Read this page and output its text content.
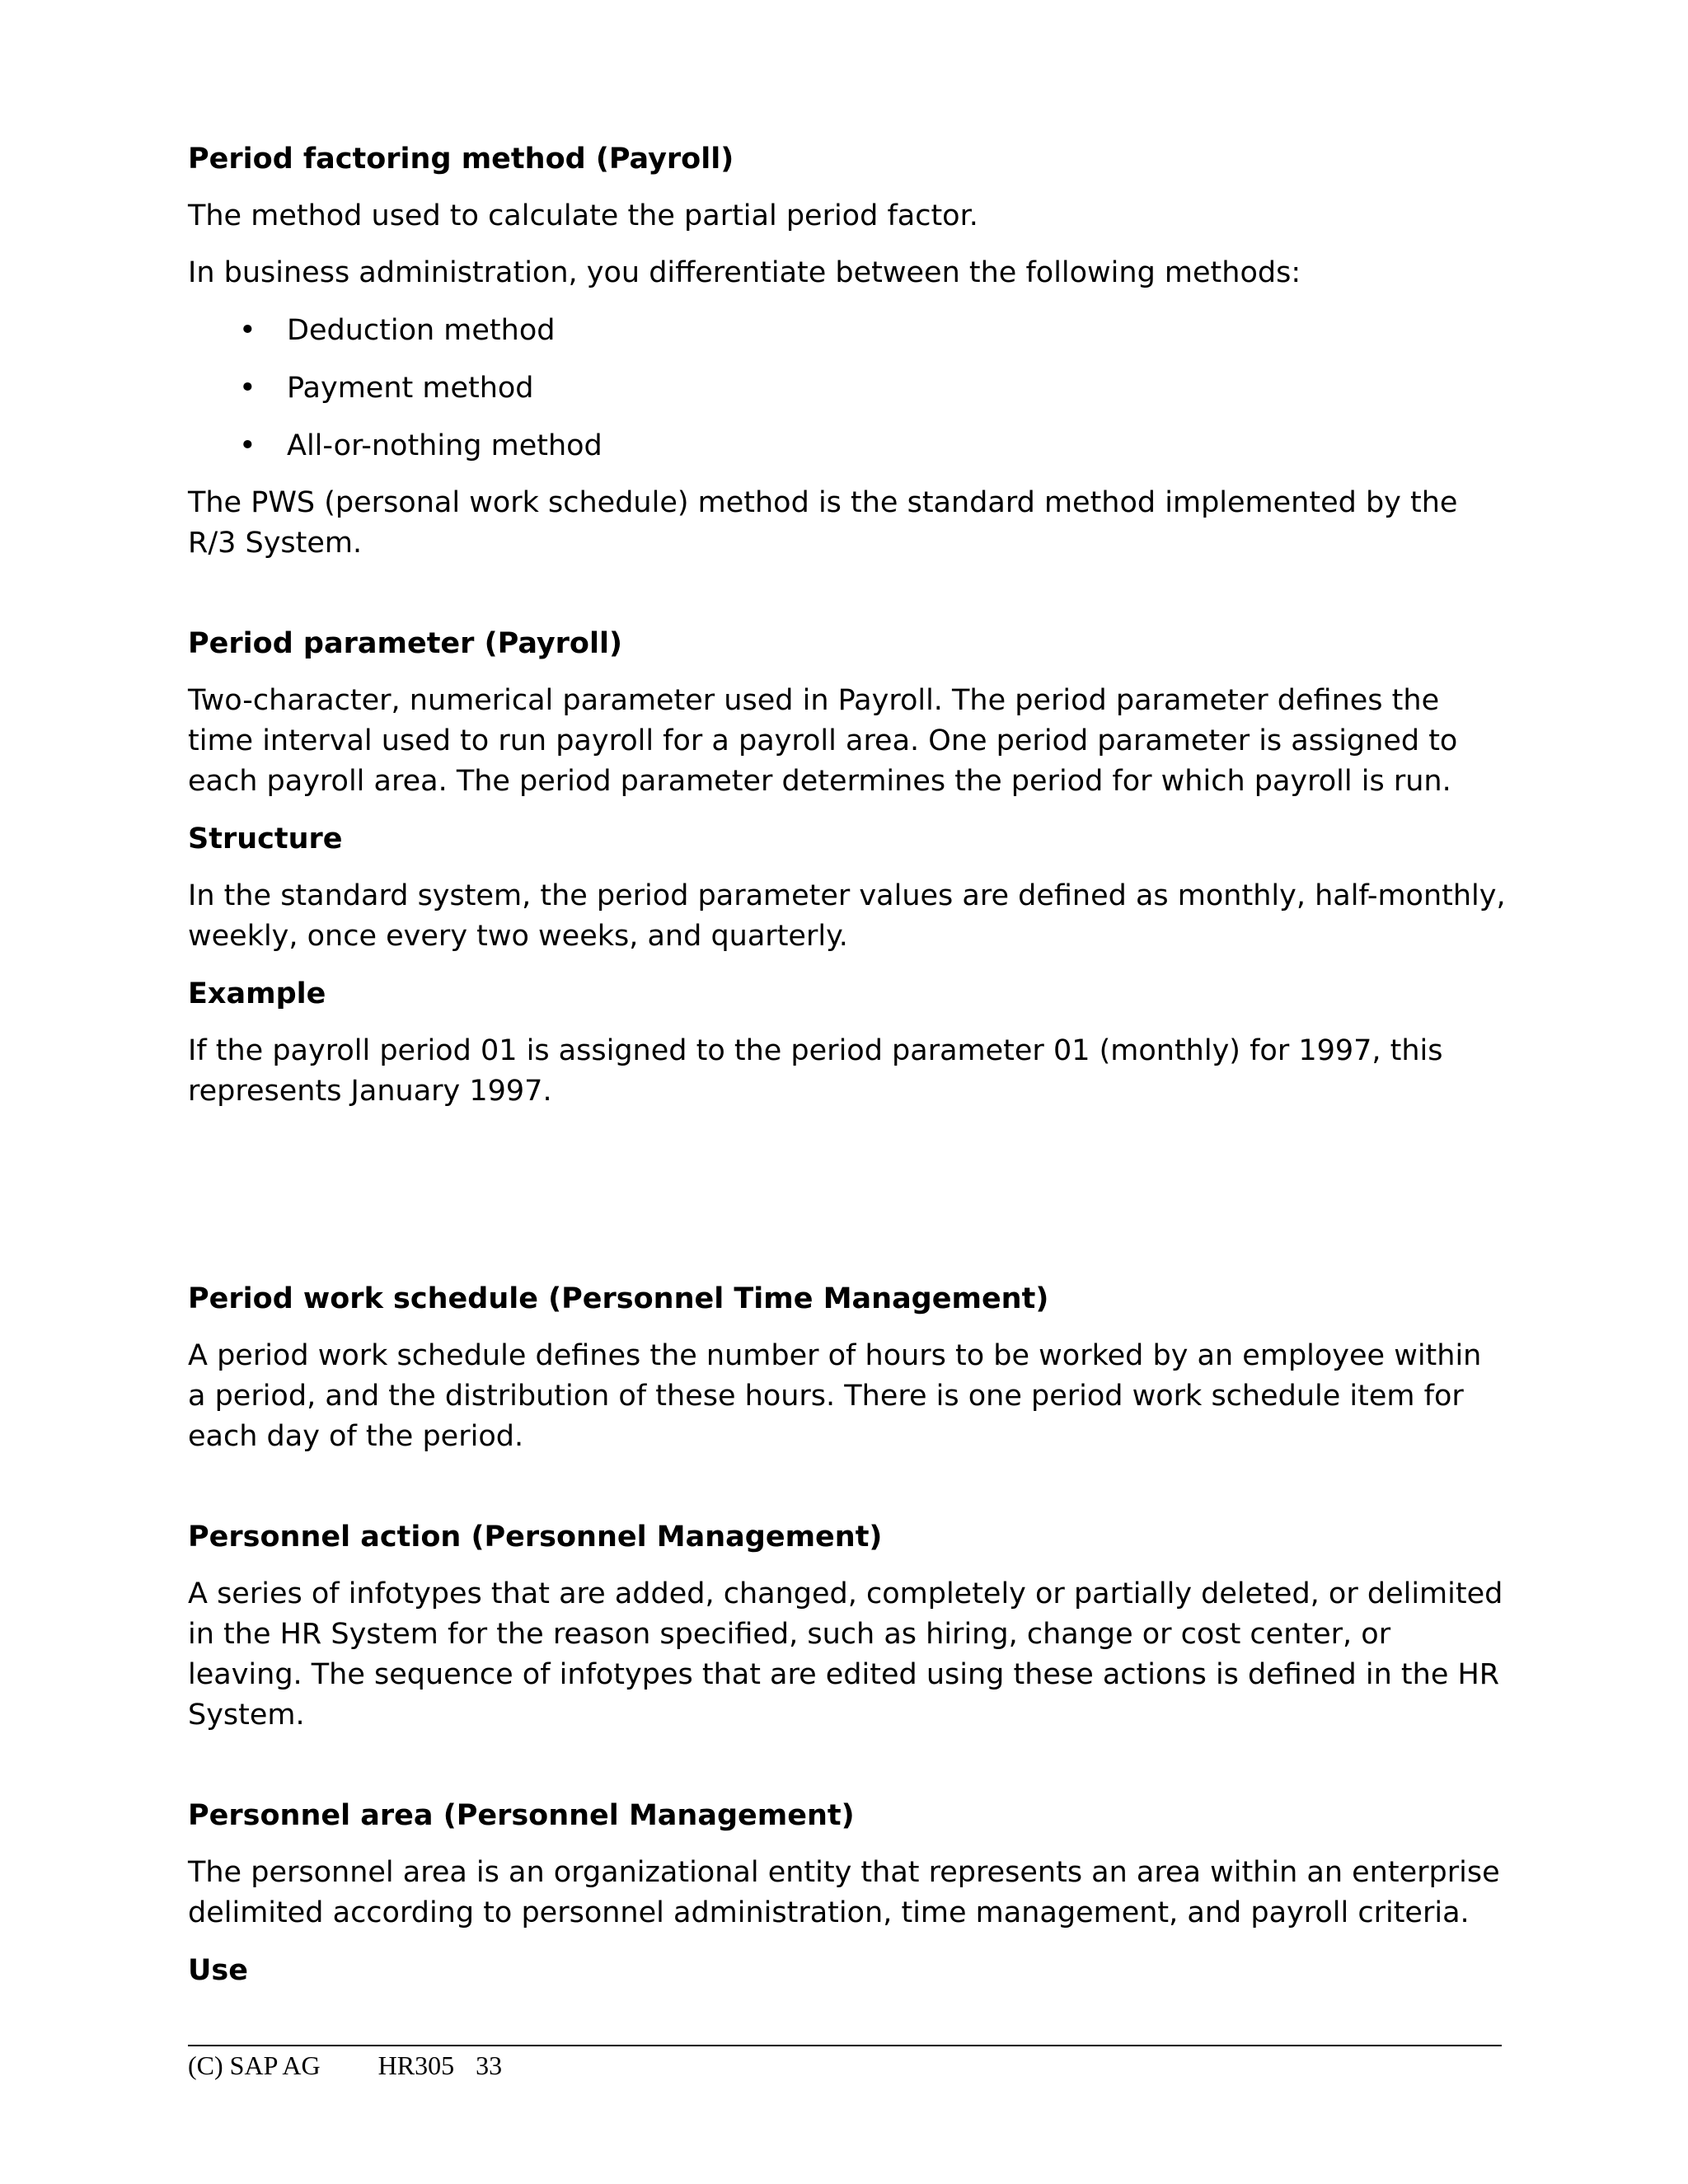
Period factoring method (Payroll)

The method used to calculate the partial period factor.

In business administration, you differentiate between the following methods:

• Deduction method
• Payment method
• All-or-nothing method

The PWS (personal work schedule) method is the standard method implemented by the R/3 System.

Period parameter (Payroll)

Two-character, numerical parameter used in Payroll. The period parameter defines the time interval used to run payroll for a payroll area. One period parameter is assigned to each payroll area. The period parameter determines the period for which payroll is run.

Structure

In the standard system, the period parameter values are defined as monthly, half-monthly, weekly, once every two weeks, and quarterly.

Example

If the payroll period 01 is assigned to the period parameter 01 (monthly) for 1997, this represents January 1997.

Period work schedule (Personnel Time Management)

A period work schedule defines the number of hours to be worked by an employee within a period, and the distribution of these hours. There is one period work schedule item for each day of the period.

Personnel action (Personnel Management)

A series of infotypes that are added, changed, completely or partially deleted, or delimited in the HR System for the reason specified, such as hiring, change or cost center, or leaving. The sequence of infotypes that are edited using these actions is defined in the HR System.

Personnel area (Personnel Management)

The personnel area is an organizational entity that represents an area within an enterprise delimited according to personnel administration, time management, and payroll criteria.

Use

(C) SAP AG HR305 33
